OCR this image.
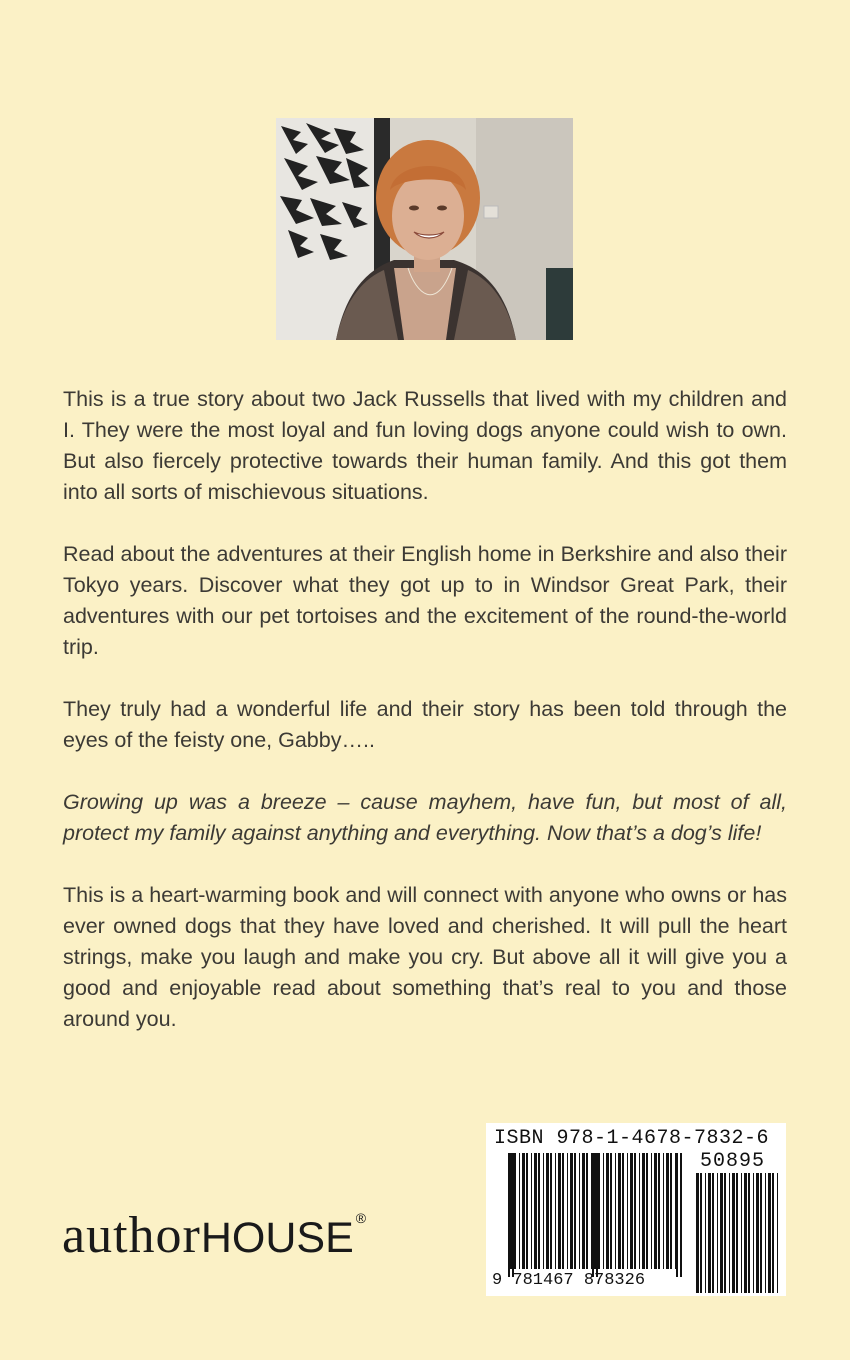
This is a true story about two Jack Russells that lived with my children and I. They were the most loyal and fun loving dogs anyone could wish to own. But also fiercely protective towards their human family. And this got them into all sorts of mischievous situations.

Read about the adventures at their English home in Berkshire and also their Tokyo years. Discover what they got up to in Windsor Great Park, their adventures with our pet tortoises and the excitement of the round-the-world trip.

They truly had a wonderful life and their story has been told through the eyes of the feisty one, Gabby…..

Growing up was a breeze – cause mayhem, have fun, but most of all, protect my family against anything and everything. Now that’s a dog’s life!

This is a heart-warming book and will connect with anyone who owns or has ever owned dogs that they have loved and cherished. It will pull the heart strings, make you laugh and make you cry. But above all it will give you a good and enjoyable read about something that’s real to you and those around you.

authorHOUSE ®
ISBN 978-1-4678-7832-6
50895
9 781467 878326
